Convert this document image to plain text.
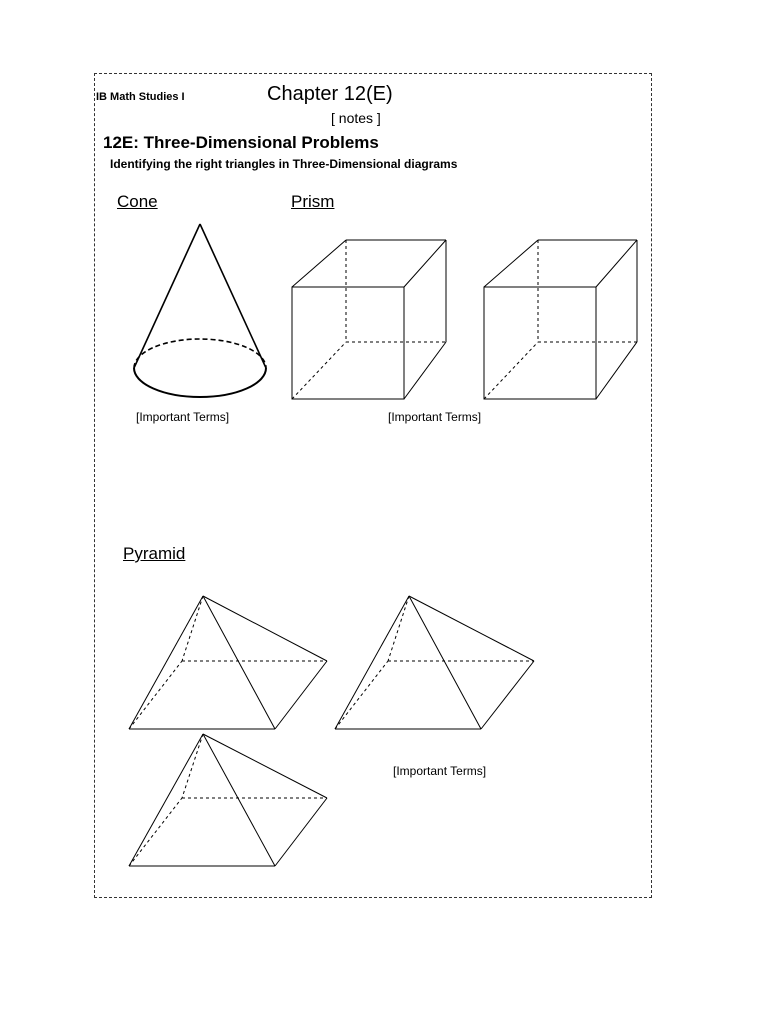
IB Math Studies I	Chapter 12(E)
[ notes ]
12E: Three-Dimensional Problems
Identifying the right triangles in Three-Dimensional diagrams
Cone	Prism
Pyramid
[Important Terms]	[Important Terms]
[Important Terms]
